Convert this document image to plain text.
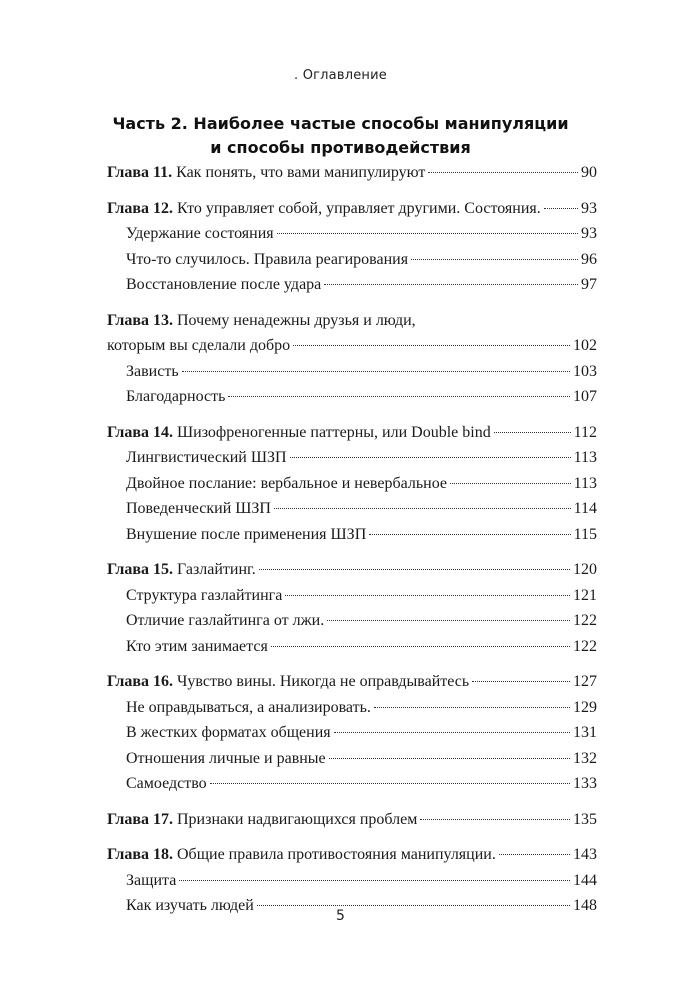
. Оглавление
Часть 2. Наиболее частые способы манипуляции
и способы противодействия
Глава 11. Как понять, что вами манипулируют	90
Глава 12. Кто управляет собой, управляет другими. Состояния.	93
Удержание состояния	93
Что-то случилось. Правила реагирования	96
Восстановление после удара	97
Глава 13. Почему ненадежны друзья и люди,
которым вы сделали добро	102
Зависть	103
Благодарность	107
Глава 14. Шизофреногенные паттерны, или Double bind	112
Лингвистический ШЗП	113
Двойное послание: вербальное и невербальное	113
Поведенческий ШЗП	114
Внушение после применения ШЗП	115
Глава 15. Газлайтинг.	120
Структура газлайтинга	121
Отличие газлайтинга от лжи.	122
Кто этим занимается	122
Глава 16. Чувство вины. Никогда не оправдывайтесь	127
Не оправдываться, а анализировать.	129
В жестких форматах общения	131
Отношения личные и равные	132
Самоедство	133
Глава 17. Признаки надвигающихся проблем	135
Глава 18. Общие правила противостояния манипуляции.	143
Защита	144
Как изучать людей	148
5
